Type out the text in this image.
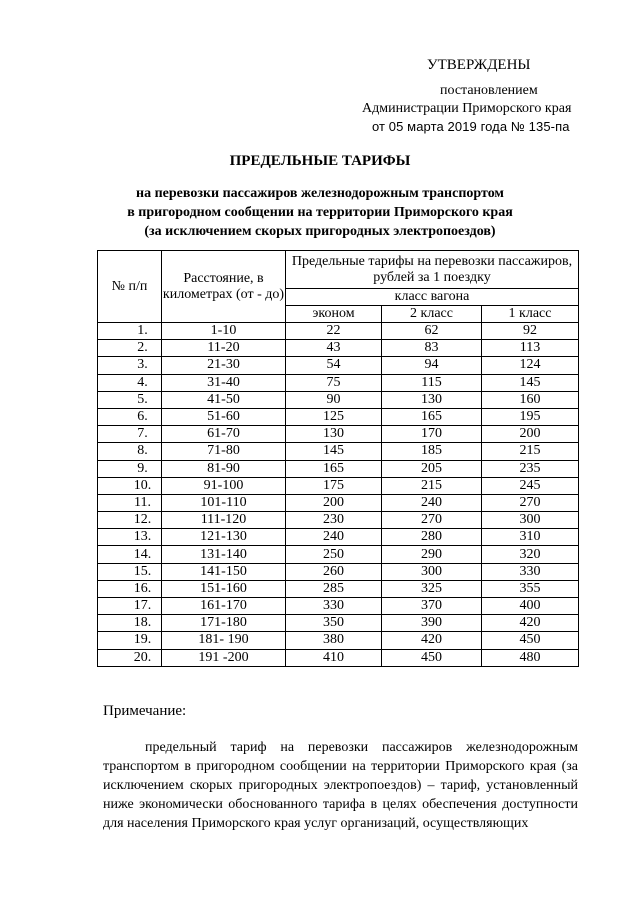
УТВЕРЖДЕНЫ
постановлением
Администрации Приморского края
от 05 марта 2019 года № 135-па
ПРЕДЕЛЬНЫЕ ТАРИФЫ
на перевозки пассажиров железнодорожным транспортом
в пригородном сообщении на территории Приморского края
(за исключением скорых пригородных электропоездов)
№ п/п	Расстояние, в километрах (от - до)	Предельные тарифы на перевозки пассажиров, рублей за 1 поездку		
		класс вагона		
		эконом	2 класс	1 класс
1.	1-10	22	62	92
2.	11-20	43	83	113
3.	21-30	54	94	124
4.	31-40	75	115	145
5.	41-50	90	130	160
6.	51-60	125	165	195
7.	61-70	130	170	200
8.	71-80	145	185	215
9.	81-90	165	205	235
10.	91-100	175	215	245
11.	101-110	200	240	270
12.	111-120	230	270	300
13.	121-130	240	280	310
14.	131-140	250	290	320
15.	141-150	260	300	330
16.	151-160	285	325	355
17.	161-170	330	370	400
18.	171-180	350	390	420
19.	181- 190	380	420	450
20.	191 -200	410	450	480
Примечание:
предельный тариф на перевозки пассажиров железнодорожным транспортом в пригородном сообщении на территории Приморского края (за исключением скорых пригородных электропоездов) – тариф, установленный ниже экономически обоснованного тарифа в целях обеспечения доступности для населения Приморского края услуг организаций, осуществляющих
